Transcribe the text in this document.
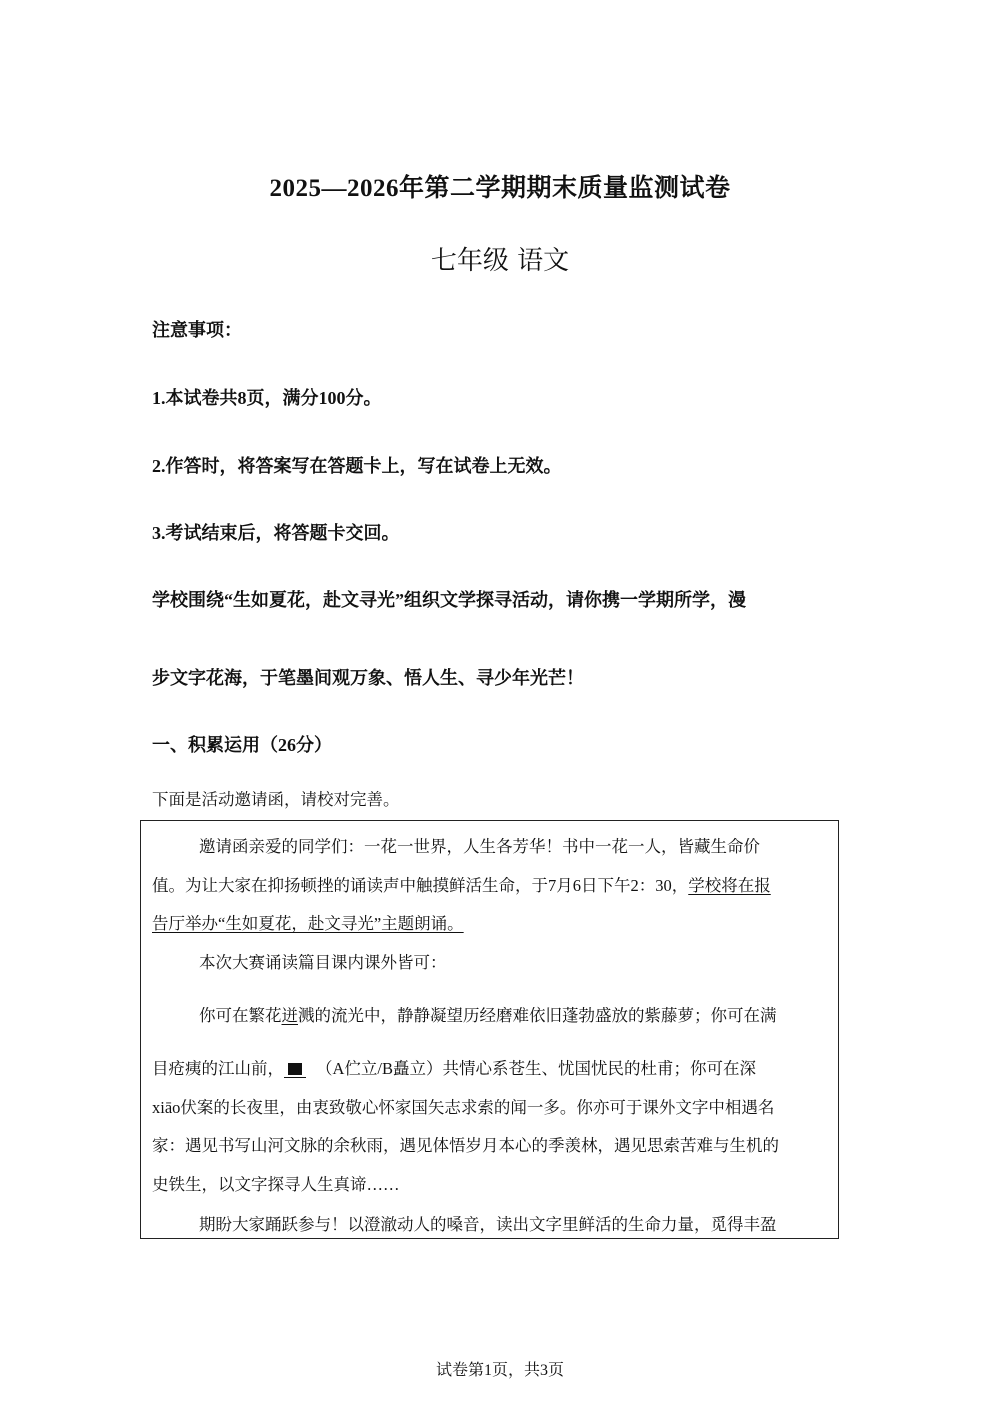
2025—2026年第二学期期末质量监测试卷
七年级 语文
注意事项：
1.本试卷共8页，满分100分。
2.作答时，将答案写在答题卡上，写在试卷上无效。
3.考试结束后，将答题卡交回。
学校围绕“生如夏花，赴文寻光”组织文学探寻活动，请你携一学期所学，漫
步文字花海，于笔墨间观万象、悟人生、寻少年光芒！
一、积累运用（26分）
下面是活动邀请函，请校对完善。
邀请函亲爱的同学们：一花一世界，人生各芳华！书中一花一人，皆藏生命价
值。为让大家在抑扬顿挫的诵读声中触摸鲜活生命，于7月6日下午2：30，学校将在报
告厅举办“生如夏花，赴文寻光”主题朗诵。
本次大赛诵读篇目课内课外皆可：
你可在繁花迸溅的流光中，静静凝望历经磨难依旧蓬勃盛放的紫藤萝；你可在满
目疮痍的江山前， （A伫立/B矗立）共情心系苍生、忧国忧民的杜甫；你可在深
xiāo伏案的长夜里，由衷致敬心怀家国矢志求索的闻一多。你亦可于课外文字中相遇名
家：遇见书写山河文脉的余秋雨，遇见体悟岁月本心的季羡林，遇见思索苦难与生机的
史铁生，以文字探寻人生真谛……
期盼大家踊跃参与！以澄澈动人的嗓音，读出文字里鲜活的生命力量，觅得丰盈
试卷第1页，共3页
